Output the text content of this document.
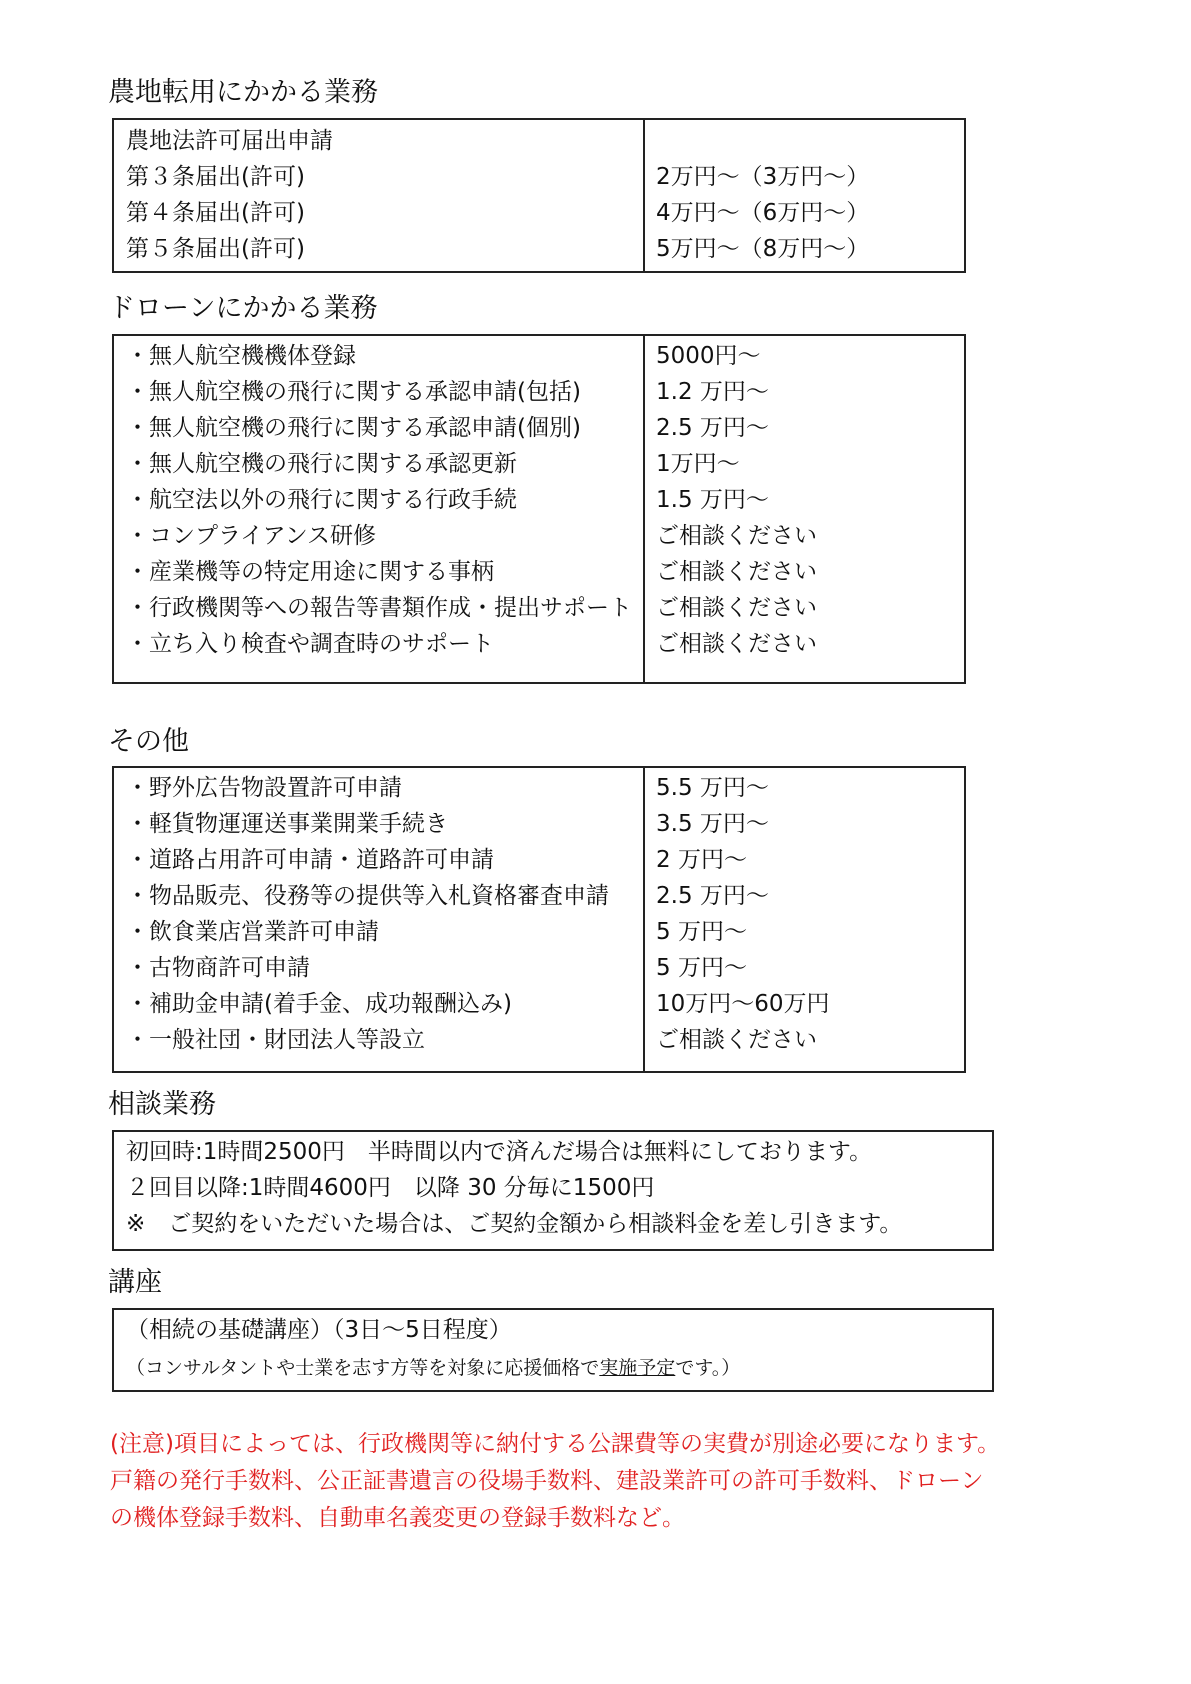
農地転用にかかる業務
農地法許可届出申請
第３条届出(許可)	2万円～（3万円～）
第４条届出(許可)	4万円～（6万円～）
第５条届出(許可)	5万円～（8万円～）
ドローンにかかる業務
・無人航空機機体登録	5000円～
・無人航空機の飛行に関する承認申請(包括)	1.2 万円～
・無人航空機の飛行に関する承認申請(個別)	2.5 万円～
・無人航空機の飛行に関する承認更新	1万円～
・航空法以外の飛行に関する行政手続	1.5 万円～
・コンプライアンス研修	ご相談ください
・産業機等の特定用途に関する事柄	ご相談ください
・行政機関等への報告等書類作成・提出サポート ご相談ください
・立ち入り検査や調査時のサポート	ご相談ください
その他
・野外広告物設置許可申請	5.5 万円～
・軽貨物運運送事業開業手続き	3.5 万円～
・道路占用許可申請・道路許可申請	2 万円～
・物品販売、役務等の提供等入札資格審査申請 2.5 万円～
・飲食業店営業許可申請	5 万円～
・古物商許可申請	5 万円～
・補助金申請(着手金、成功報酬込み)	10万円～60万円
・一般社団・財団法人等設立	ご相談ください
相談業務
初回時:1時間2500円　半時間以内で済んだ場合は無料にしております。
２回目以降:1時間4600円　以降 30 分毎に1500円
※　ご契約をいただいた場合は、ご契約金額から相談料金を差し引きます。
講座
（相続の基礎講座）（3日～5日程度）
（コンサルタントや士業を志す方等を対象に応援価格で実施予定です。）
(注意)項目によっては、行政機関等に納付する公課費等の実費が別途必要になります。
戸籍の発行手数料、公正証書遺言の役場手数料、建設業許可の許可手数料、ドローン
の機体登録手数料、自動車名義変更の登録手数料など。
